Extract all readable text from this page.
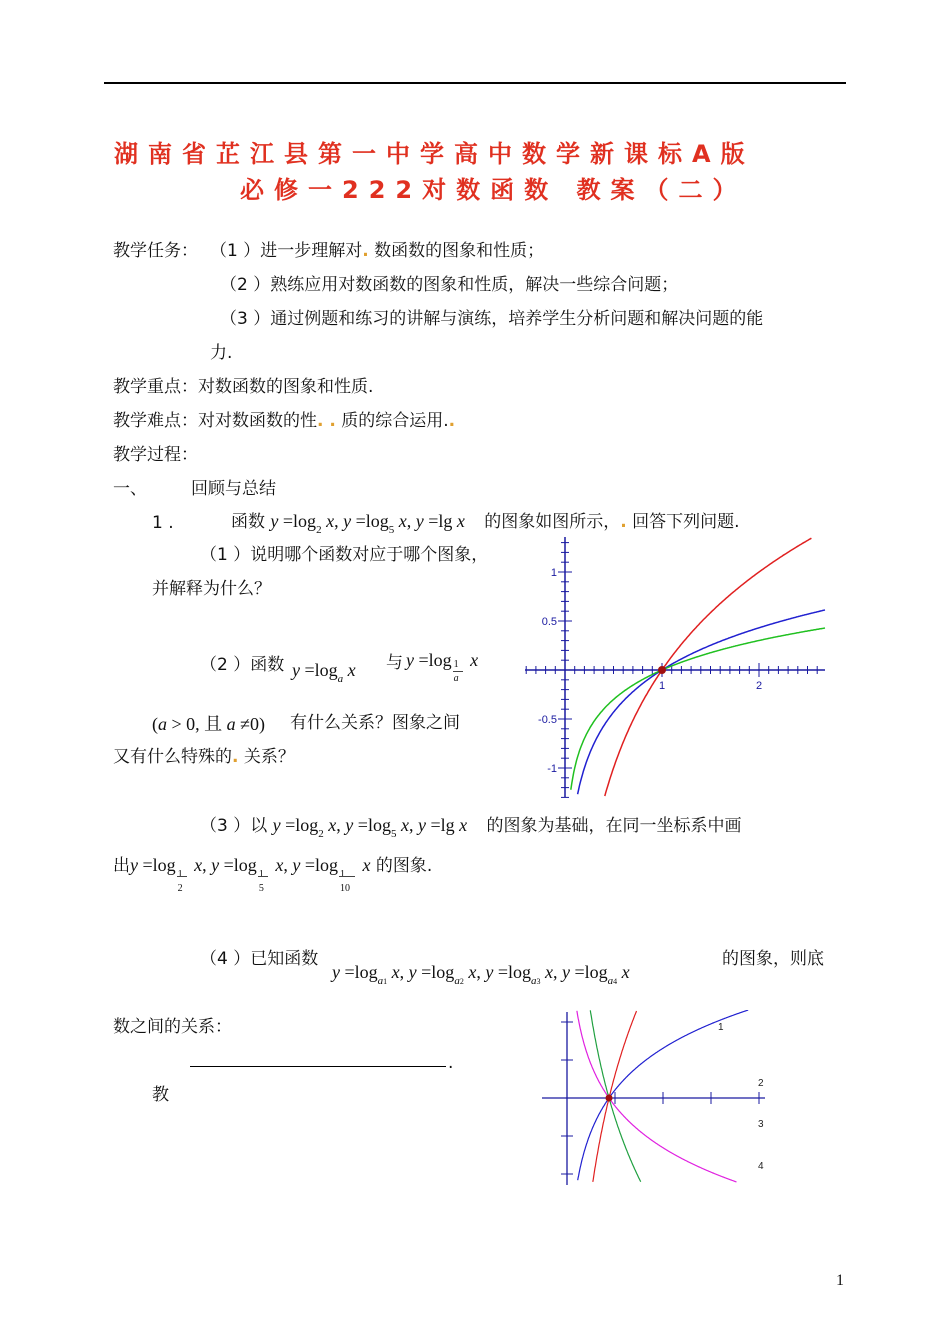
湖南省芷江县第一中学高中数学新课标A版
必修一222对数函数 教案（二）
教学任务： （1 ）进一步理解对. 数函数的图象和性质；
（2 ）熟练应用对数函数的图象和性质，解决一些综合问题；
（3 ）通过例题和练习的讲解与演练，培养学生分析问题和解决问题的能
力.
教学重点：对数函数的图象和性质.
教学难点：对对数函数的性. . 质的综合运用..
教学过程：
一、	回顾与总结
1 .	函数 $y =\log_2$ x, $y =\log_5$ x, y =lg x 的图象如图所示，. 回答下列问题.
（1 ）说明哪个函数对应于哪个图象，
并解释为什么？
（2 ）函数 $y =\log_a$ x 与 $y =\log \frac{1}{a}$ x
(a > 0, 且 a ≠0) 有什么关系？图象之间
又有什么特殊的. 关系？
（3 ）以 $y =\log_2$ x, $y =\log_5$ x, y =lg x 的图象为基础，在同一坐标系中画
出y =log 1
2
x, y =log 1
5
x, y =log 1
10
x 的图象.
（4 ）已知函数
$y =\log_{a1}$ x, $y =\log_{a2}$ x, $y =\log_{a3}$ x, $y =\log_{a4}$ x
的图象，则底
数之间的关系：
.
教
1	2
1
0.5
-0.5
-1
1
2
3
4
1
